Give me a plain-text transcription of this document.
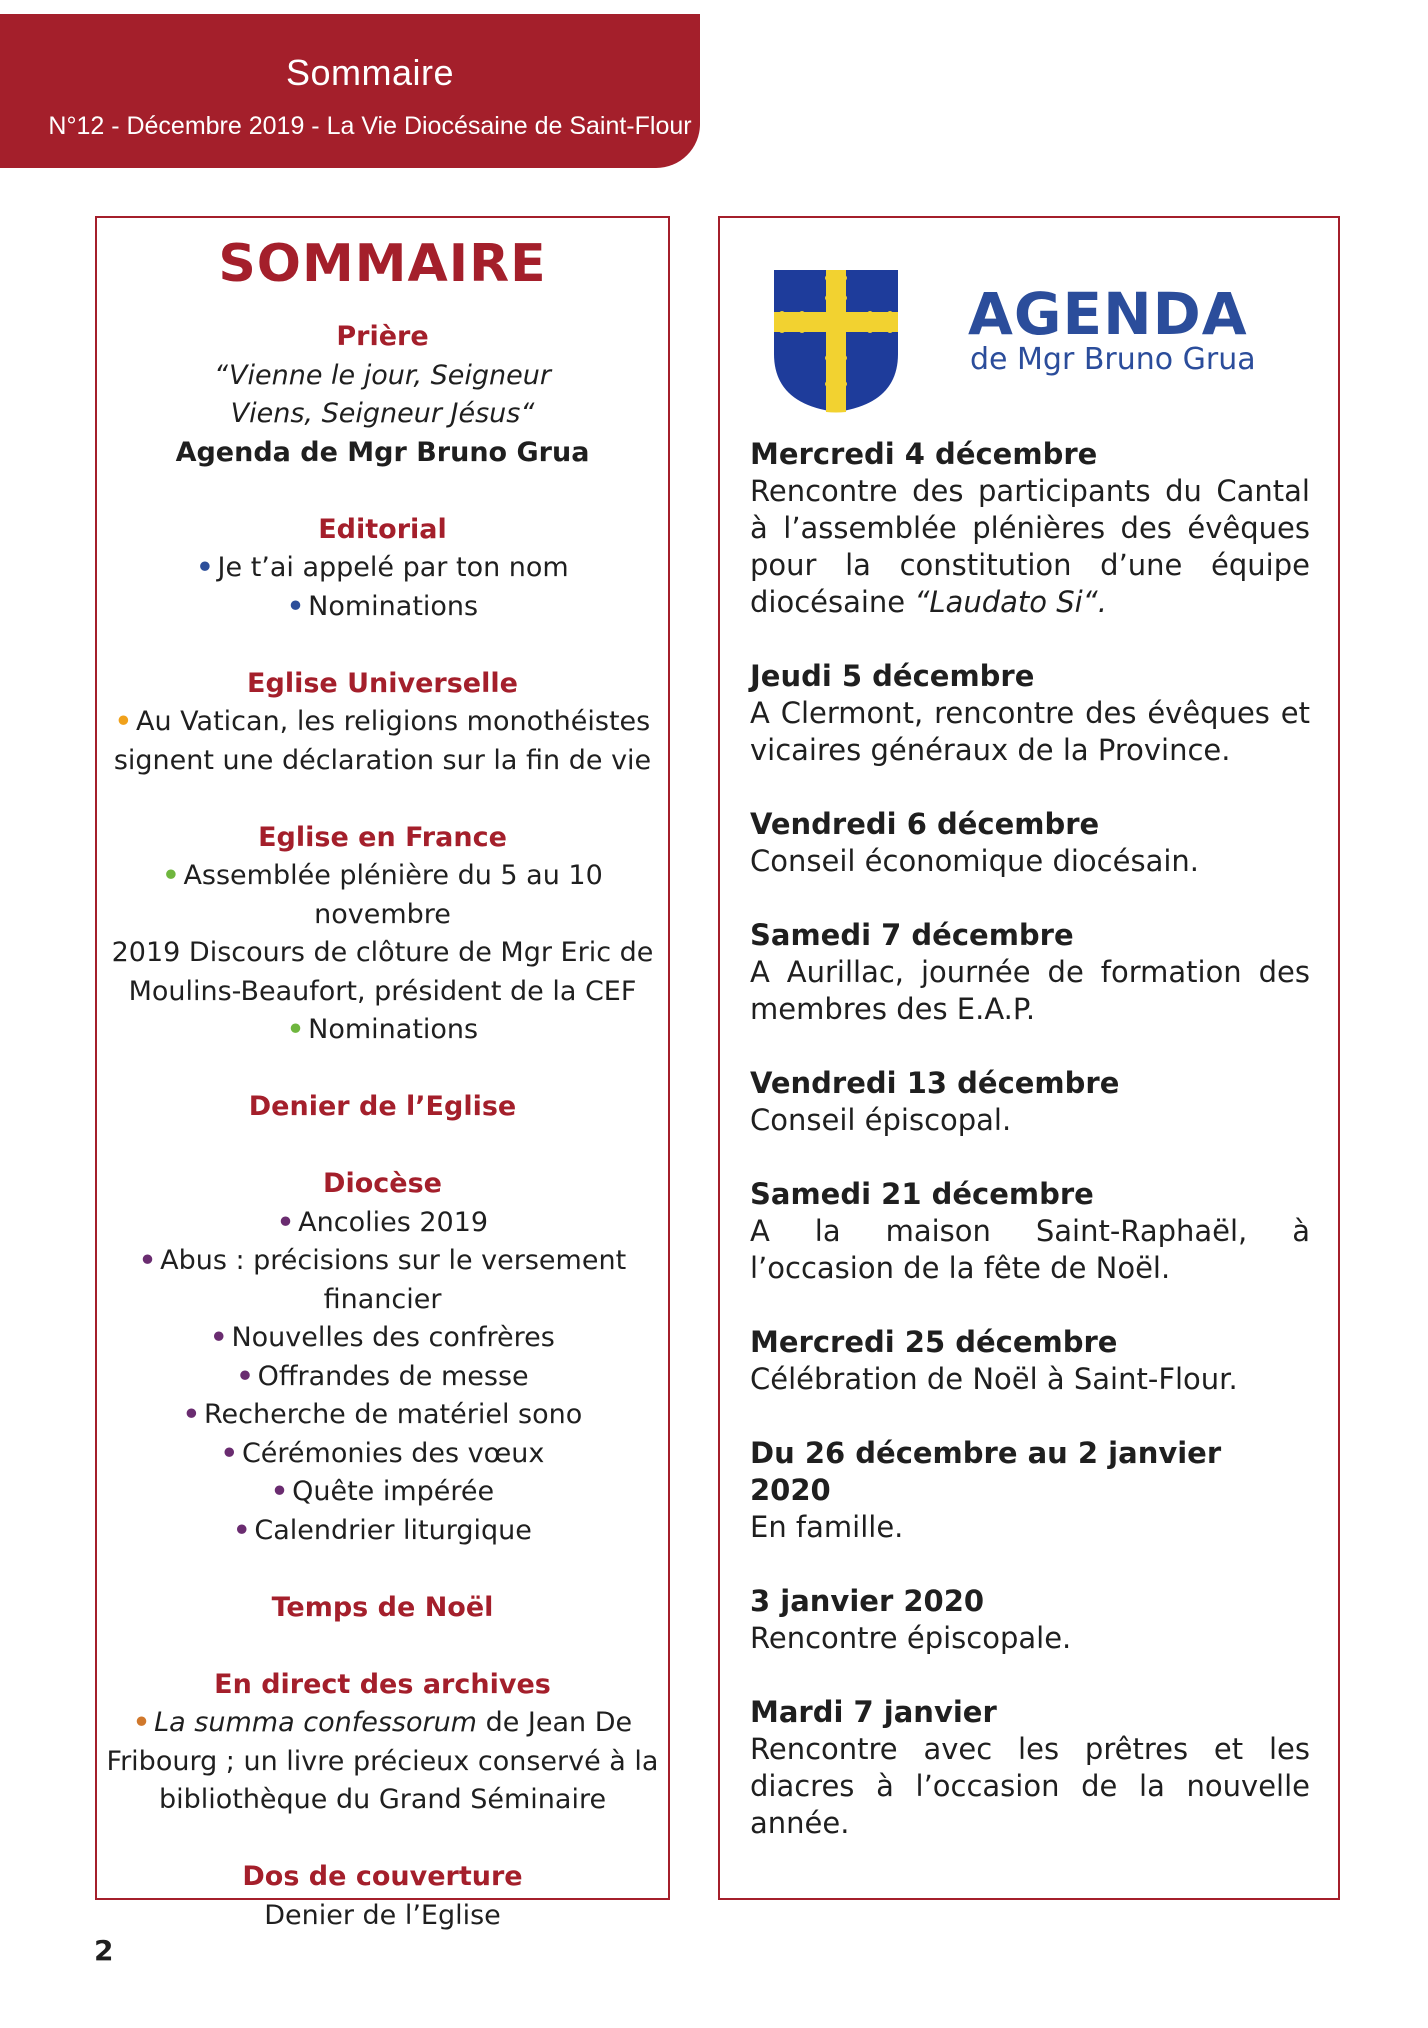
Sommaire
N°12 - Décembre 2019 - La Vie Diocésaine de Saint-Flour
SOMMAIRE
Prière
“Vienne le jour, Seigneur
Viens, Seigneur Jésus“
Agenda de Mgr Bruno Grua
Editorial
• Je t’ai appelé par ton nom
• Nominations
Eglise Universelle
• Au Vatican, les religions monothéistes
signent une déclaration sur la fin de vie
Eglise en France
• Assemblée plénière du 5 au 10 novembre
2019 Discours de clôture de Mgr Eric de
Moulins-Beaufort, président de la CEF
• Nominations
Denier de l’Eglise
Diocèse
• Ancolies 2019
• Abus : précisions sur le versement
financier
• Nouvelles des confrères
• Offrandes de messe
• Recherche de matériel sono
• Cérémonies des vœux
• Quête impérée
• Calendrier liturgique
Temps de Noël
En direct des archives
• La summa confessorum de Jean De
Fribourg ; un livre précieux conservé à la
bibliothèque du Grand Séminaire
Dos de couverture
Denier de l’Eglise
AGENDA
de Mgr Bruno Grua
Mercredi 4 décembre
Rencontre des participants du Cantal à l’assemblée plénières des évêques pour la constitution d’une équipe diocésaine “Laudato Si“.
Jeudi 5 décembre
A Clermont, rencontre des évêques et vicaires généraux de la Province.
Vendredi 6 décembre
Conseil économique diocésain.
Samedi 7 décembre
A Aurillac, journée de formation des membres des E.A.P.
Vendredi 13 décembre
Conseil épiscopal.
Samedi 21 décembre
A la maison Saint-Raphaël, à l’occasion de la fête de Noël.
Mercredi 25 décembre
Célébration de Noël à Saint-Flour.
Du 26 décembre au 2 janvier 2020
En famille.
3 janvier 2020
Rencontre épiscopale.
Mardi 7 janvier
Rencontre avec les prêtres et les diacres à l’occasion de la nouvelle année.
2
